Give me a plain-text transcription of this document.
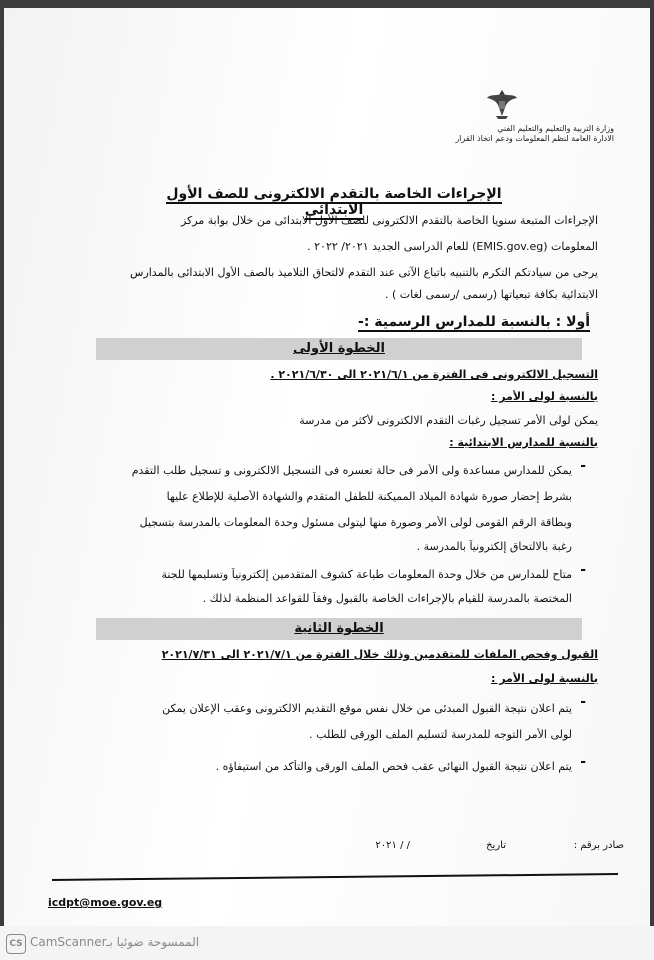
وزارة التربية والتعليم والتعليم الفني
الادارة العامة لنظم المعلومات ودعم اتخاذ القرار
الإجراءات الخاصة بالتقدم الالكترونى للصف الأول الابتدائى
الإجراءات المتبعة سنويا الخاصة بالتقدم الالكترونى للصف الأول الابتدائى من خلال بوابة مركز
المعلومات (EMIS.gov.eg) للعام الدراسى الجديد ٢٠٢١/ ٢٠٢٢ .
يرجى من سيادتكم التكرم بالتنبيه باتباع الآتى عند التقدم لالتحاق التلاميذ بالصف الأول الابتدائى بالمدارس
الابتدائية بكافة تبعياتها (رسمى /رسمى لغات ) .
أولا : بالنسبة للمدارس الرسمية :-
الخطوة الأولى
التسجيل الالكترونى فى الفترة من ٢٠٢١/٦/١ الى ٢٠٢١/٦/٣٠ .
بالنسبة لولى الأمر :
يمكن لولى الأمر تسجيل رغبات التقدم الالكترونى لأكثر من مدرسة
بالنسبة للمدارس الابتدائية :
-
يمكن للمدارس مساعدة ولى الأمر فى حالة تعسره فى التسجيل الالكترونى و تسجيل طلب التقدم
بشرط إحضار صورة شهادة الميلاد المميكنة للطفل المتقدم والشهادة الأصلية للإطلاع عليها
وبطاقة الرقم القومى لولى الأمر وصورة منها ليتولى مسئول وحدة المعلومات بالمدرسة بتسجيل
رغبة بالالتحاق إلكترونياً بالمدرسة .
-
متاح للمدارس من خلال وحدة المعلومات طباعة كشوف المتقدمين إلكترونياً وتسليمها للجنة
المختصة بالمدرسة للقيام بالإجراءات الخاصة بالقبول وفقاً للقواعد المنظمة لذلك .
الخطوة الثانية
القبول وفحص الملفات للمتقدمين وذلك خلال الفترة من ٢٠٢١/٧/١ الى ٢٠٢١/٧/٣١
بالنسبة لولى الأمر :
-
يتم اعلان نتيجة القبول المبدئى من خلال نفس موقع التقديم الالكترونى وعقب الإعلان يمكن
لولى الأمر التوجه للمدرسة لتسليم الملف الورقى للطلب .
-
يتم اعلان نتيجة القبول النهائى عقب فحص الملف الورقى والتأكد من استيفاؤه .
صادر برقم :
تاريخ
/ / ٢٠٢١
icdpt@moe.gov.eg
CS CamScanner الممسوحة ضوئيا بـ
